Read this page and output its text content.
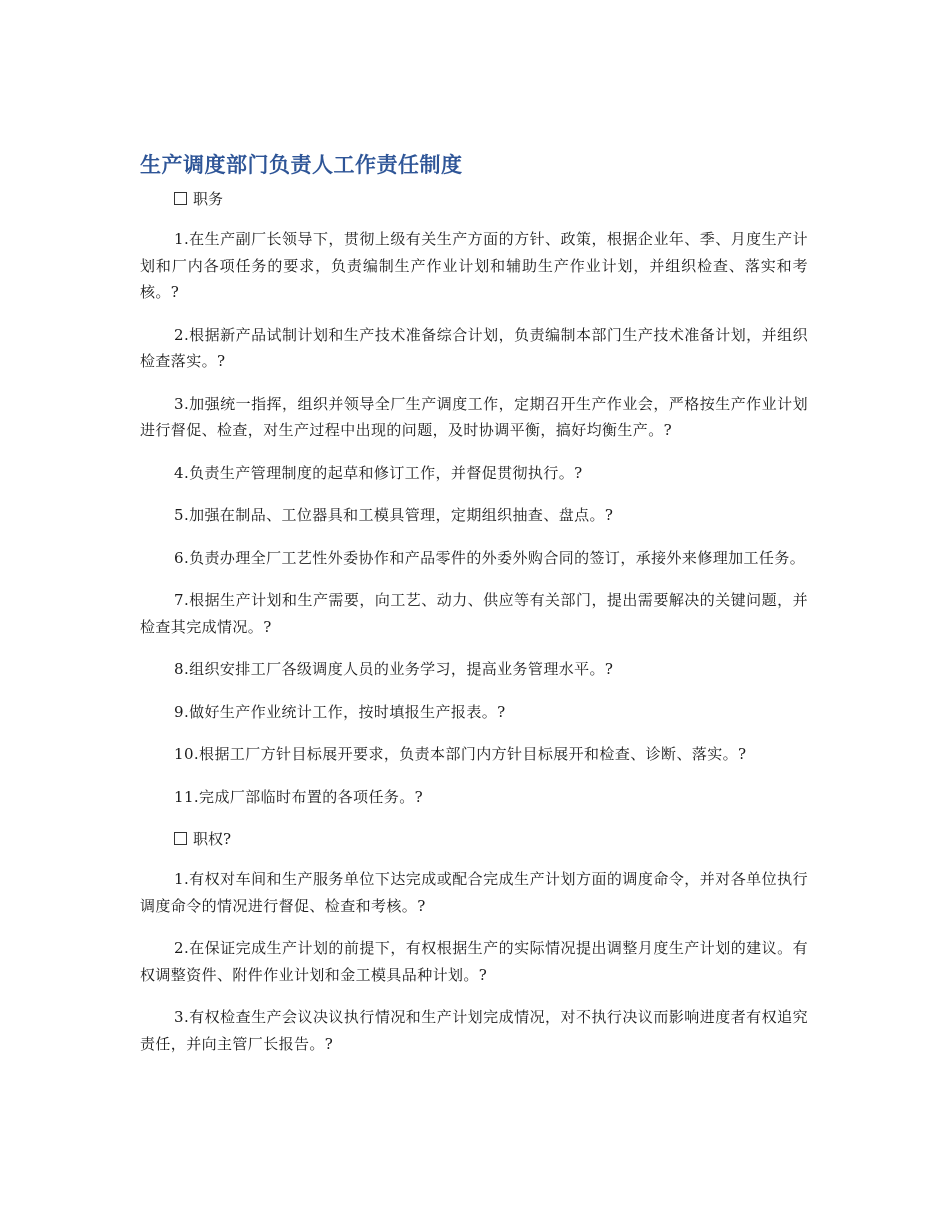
生产调度部门负责人工作责任制度
职务

1.在生产副厂长领导下，贯彻上级有关生产方面的方针、政策，根据企业年、季、月度生产计划和厂内各项任务的要求，负责编制生产作业计划和辅助生产作业计划，并组织检查、落实和考核。?

2.根据新产品试制计划和生产技术准备综合计划，负责编制本部门生产技术准备计划，并组织检查落实。?

3.加强统一指挥，组织并领导全厂生产调度工作，定期召开生产作业会，严格按生产作业计划进行督促、检查，对生产过程中出现的问题，及时协调平衡，搞好均衡生产。?

4.负责生产管理制度的起草和修订工作，并督促贯彻执行。?

5.加强在制品、工位器具和工模具管理，定期组织抽查、盘点。?

6.负责办理全厂工艺性外委协作和产品零件的外委外购合同的签订，承接外来修理加工任务。

7.根据生产计划和生产需要，向工艺、动力、供应等有关部门，提出需要解决的关键问题，并检查其完成情况。?

8.组织安排工厂各级调度人员的业务学习，提高业务管理水平。?

9.做好生产作业统计工作，按时填报生产报表。?

10.根据工厂方针目标展开要求，负责本部门内方针目标展开和检查、诊断、落实。?

11.完成厂部临时布置的各项任务。?

职权?

1.有权对车间和生产服务单位下达完成或配合完成生产计划方面的调度命令，并对各单位执行调度命令的情况进行督促、检查和考核。?

2.在保证完成生产计划的前提下，有权根据生产的实际情况提出调整月度生产计划的建议。有权调整资件、附件作业计划和金工模具品种计划。?

3.有权检查生产会议决议执行情况和生产计划完成情况，对不执行决议而影响进度者有权追究责任，并向主管厂长报告。?
